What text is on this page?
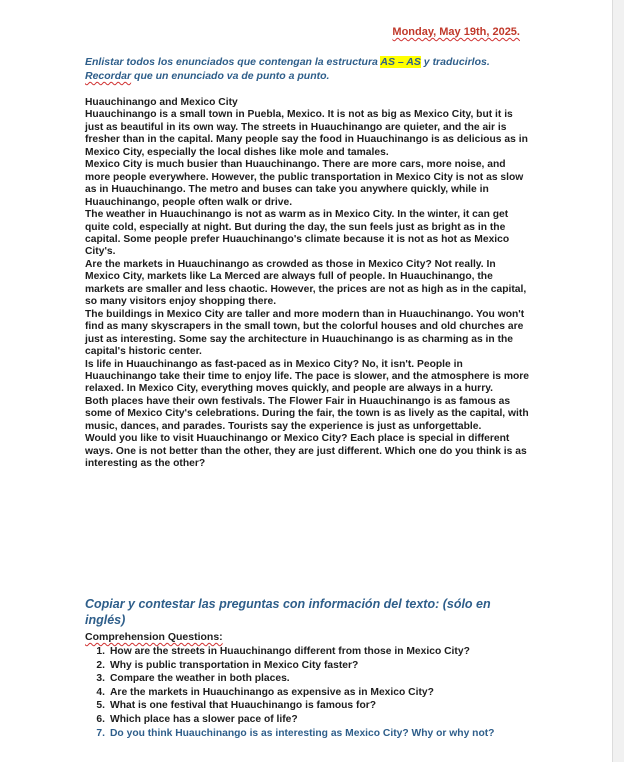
Monday, May 19th, 2025.
Enlistar todos los enunciados que contengan la estructura AS – AS y traducirlos.
Recordar que un enunciado va de punto a punto.

Huauchinango and Mexico City

Huauchinango is a small town in Puebla, Mexico. It is not as big as Mexico City, but it is just as beautiful in its own way. The streets in Huauchinango are quieter, and the air is fresher than in the capital. Many people say the food in Huauchinango is as delicious as in Mexico City, especially the local dishes like mole and tamales.

Mexico City is much busier than Huauchinango. There are more cars, more noise, and more people everywhere. However, the public transportation in Mexico City is not as slow as in Huauchinango. The metro and buses can take you anywhere quickly, while in Huauchinango, people often walk or drive.

The weather in Huauchinango is not as warm as in Mexico City. In the winter, it can get quite cold, especially at night. But during the day, the sun feels just as bright as in the capital. Some people prefer Huauchinango's climate because it is not as hot as Mexico City's.

Are the markets in Huauchinango as crowded as those in Mexico City? Not really. In Mexico City, markets like La Merced are always full of people. In Huauchinango, the markets are smaller and less chaotic. However, the prices are not as high as in the capital, so many visitors enjoy shopping there.

The buildings in Mexico City are taller and more modern than in Huauchinango. You won't find as many skyscrapers in the small town, but the colorful houses and old churches are just as interesting. Some say the architecture in Huauchinango is as charming as in the capital's historic center.

Is life in Huauchinango as fast-paced as in Mexico City? No, it isn't. People in Huauchinango take their time to enjoy life. The pace is slower, and the atmosphere is more relaxed. In Mexico City, everything moves quickly, and people are always in a hurry.

Both places have their own festivals. The Flower Fair in Huauchinango is as famous as some of Mexico City's celebrations. During the fair, the town is as lively as the capital, with music, dances, and parades. Tourists say the experience is just as unforgettable.

Would you like to visit Huauchinango or Mexico City? Each place is special in different ways. One is not better than the other, they are just different. Which one do you think is as interesting as the other?

Copiar y contestar las preguntas con información del texto: (sólo en inglés)
Comprehension Questions:
1. How are the streets in Huauchinango different from those in Mexico City?
2. Why is public transportation in Mexico City faster?
3. Compare the weather in both places.
4. Are the markets in Huauchinango as expensive as in Mexico City?
5. What is one festival that Huauchinango is famous for?
6. Which place has a slower pace of life?
7. Do you think Huauchinango is as interesting as Mexico City? Why or why not?
